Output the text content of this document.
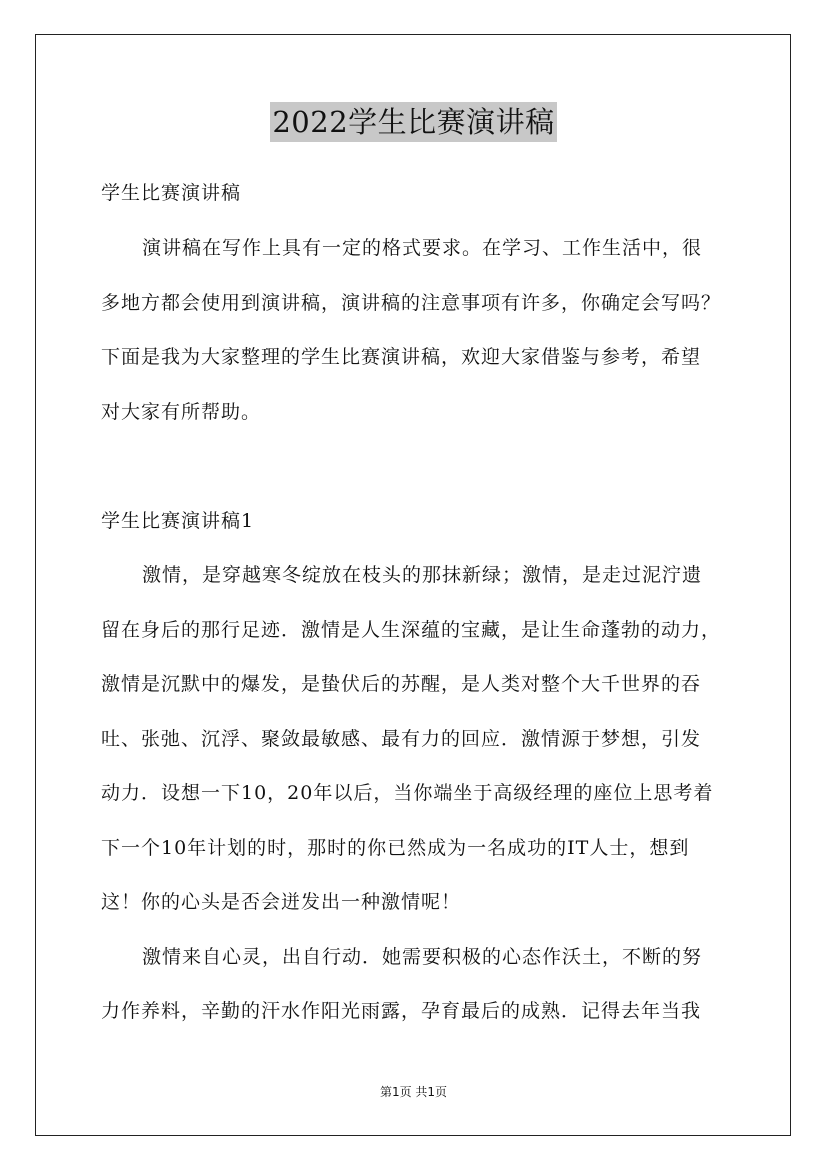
2022学生比赛演讲稿
学生比赛演讲稿
演讲稿在写作上具有一定的格式要求。在学习、工作生活中，很
多地方都会使用到演讲稿，演讲稿的注意事项有许多，你确定会写吗？
下面是我为大家整理的学生比赛演讲稿，欢迎大家借鉴与参考，希望
对大家有所帮助。
学生比赛演讲稿1
激情，是穿越寒冬绽放在枝头的那抹新绿；激情，是走过泥泞遗
留在身后的那行足迹．激情是人生深蕴的宝藏，是让生命蓬勃的动力，
激情是沉默中的爆发，是蛰伏后的苏醒，是人类对整个大千世界的吞
吐、张弛、沉浮、聚敛最敏感、最有力的回应．激情源于梦想，引发
动力．设想一下10，20年以后，当你端坐于高级经理的座位上思考着
下一个10年计划的时，那时的你已然成为一名成功的IT人士，想到
这！你的心头是否会迸发出一种激情呢！
激情来自心灵，出自行动．她需要积极的心态作沃土，不断的努
力作养料，辛勤的汗水作阳光雨露，孕育最后的成熟．记得去年当我
第1页 共1页
